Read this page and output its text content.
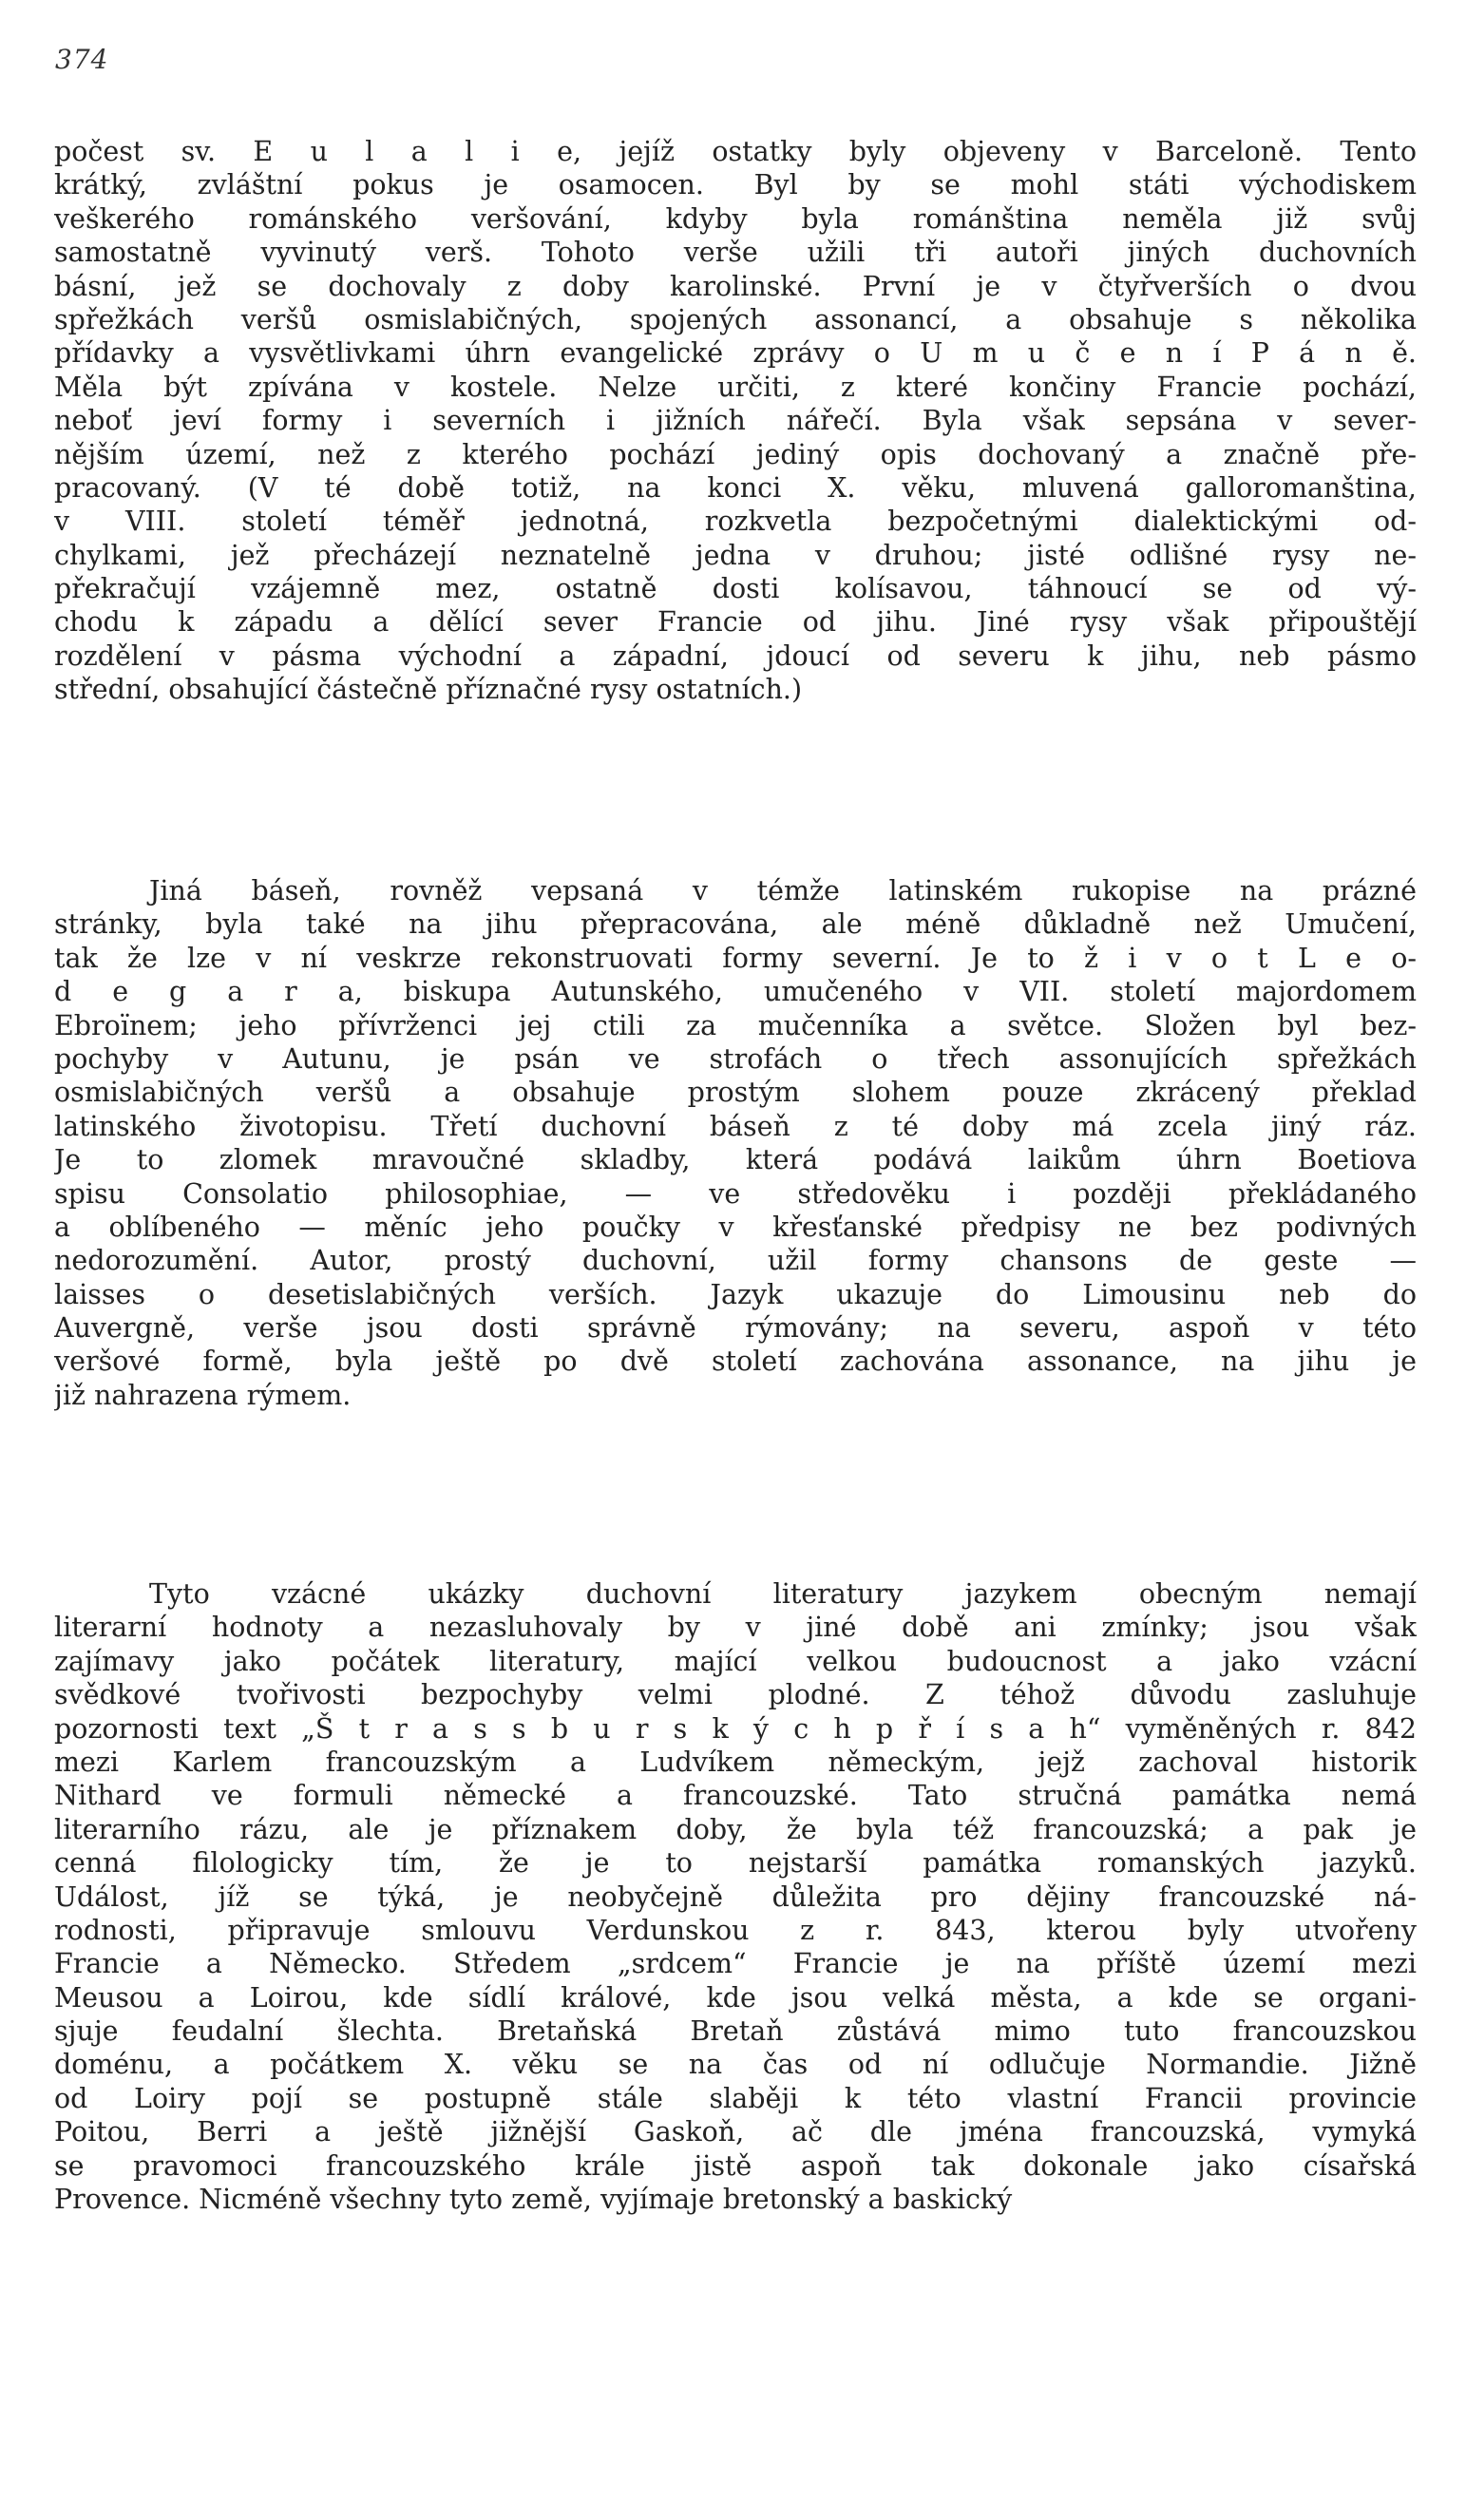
374
počest sv. E u l a l i e, jejíž ostatky byly objeveny v Barceloně. Tento
krátký, zvláštní pokus je osamocen. Byl by se mohl státi východiskem
veškerého románského veršování, kdyby byla románština neměla již svůj
samostatně vyvinutý verš. Tohoto verše užili tři autoři jiných duchovních
básní, jež se dochovaly z doby karolinské. První je v čtyřverších o dvou
spřežkách veršů osmislabičných, spojených assonancí, a obsahuje s několika
přídavky a vysvětlivkami úhrn evangelické zprávy o U m u č e n í P á n ě.
Měla být zpívána v kostele. Nelze určiti, z které končiny Francie pochází,
neboť jeví formy i severních i jižních nářečí. Byla však sepsána v sever-
nějším území, než z kterého pochází jediný opis dochovaný a značně pře-
pracovaný. (V té době totiž, na konci X. věku, mluvená galloromanština,
v VIII. století téměř jednotná, rozkvetla bezpočetnými dialektickými od-
chylkami, jež přecházejí neznatelně jedna v druhou; jisté odlišné rysy ne-
překračují vzájemně mez, ostatně dosti kolísavou, táhnoucí se od vý-
chodu k západu a dělící sever Francie od jihu. Jiné rysy však připouštějí
rozdělení v pásma východní a západní, jdoucí od severu k jihu, neb pásmo
střední, obsahující částečně příznačné rysy ostatních.)
Jiná báseň, rovněž vepsaná v témže latinském rukopise na prázné
stránky, byla také na jihu přepracována, ale méně důkladně než Umučení,
tak že lze v ní veskrze rekonstruovati formy severní. Je to ž i v o t L e o-
d e g a r a, biskupa Autunského, umučeného v VII. století majordomem
Ebroïnem; jeho přívrženci jej ctili za mučenníka a světce. Složen byl bez-
pochyby v Autunu, je psán ve strofách o třech assonujících spřežkách
osmislabičných veršů a obsahuje prostým slohem pouze zkrácený překlad
latinského životopisu. Třetí duchovní báseň z té doby má zcela jiný ráz.
Je to zlomek mravoučné skladby, která podává laikům úhrn Boetiova
spisu Consolatio philosophiae, — ve středověku i později překládaného
a oblíbeného — měníc jeho poučky v křesťanské předpisy ne bez podivných
nedorozumění. Autor, prostý duchovní, užil formy chansons de geste —
laisses o desetislabičných verších. Jazyk ukazuje do Limousinu neb do
Auvergně, verše jsou dosti správně rýmovány; na severu, aspoň v této
veršové formě, byla ještě po dvě století zachována assonance, na jihu je
již nahrazena rýmem.
Tyto vzácné ukázky duchovní literatury jazykem obecným nemají
literarní hodnoty a nezasluhovaly by v jiné době ani zmínky; jsou však
zajímavy jako počátek literatury, mající velkou budoucnost a jako vzácní
svědkové tvořivosti bezpochyby velmi plodné. Z téhož důvodu zasluhuje
pozornosti text „Š t r a s s b u r s k ý c h p ř í s a h“ vyměněných r. 842
mezi Karlem francouzským a Ludvíkem německým, jejž zachoval historik
Nithard ve formuli německé a francouzské. Tato stručná památka nemá
literarního rázu, ale je příznakem doby, že byla též francouzská; a pak je
cenná filologicky tím, že je to nejstarší památka romanských jazyků.
Událost, jíž se týká, je neobyčejně důležita pro dějiny francouzské ná-
rodnosti, připravuje smlouvu Verdunskou z r. 843, kterou byly utvořeny
Francie a Německo. Středem „srdcem“ Francie je na příště území mezi
Meusou a Loirou, kde sídlí králové, kde jsou velká města, a kde se organi-
sjuje feudalní šlechta. Bretaňská Bretaň zůstává mimo tuto francouzskou
doménu, a počátkem X. věku se na čas od ní odlučuje Normandie. Jižně
od Loiry pojí se postupně stále slaběji k této vlastní Francii provincie
Poitou, Berri a ještě jižnější Gaskoň, ač dle jména francouzská, vymyká
se pravomoci francouzského krále jistě aspoň tak dokonale jako císařská
Provence. Nicméně všechny tyto země, vyjímaje bretonský a baskický
